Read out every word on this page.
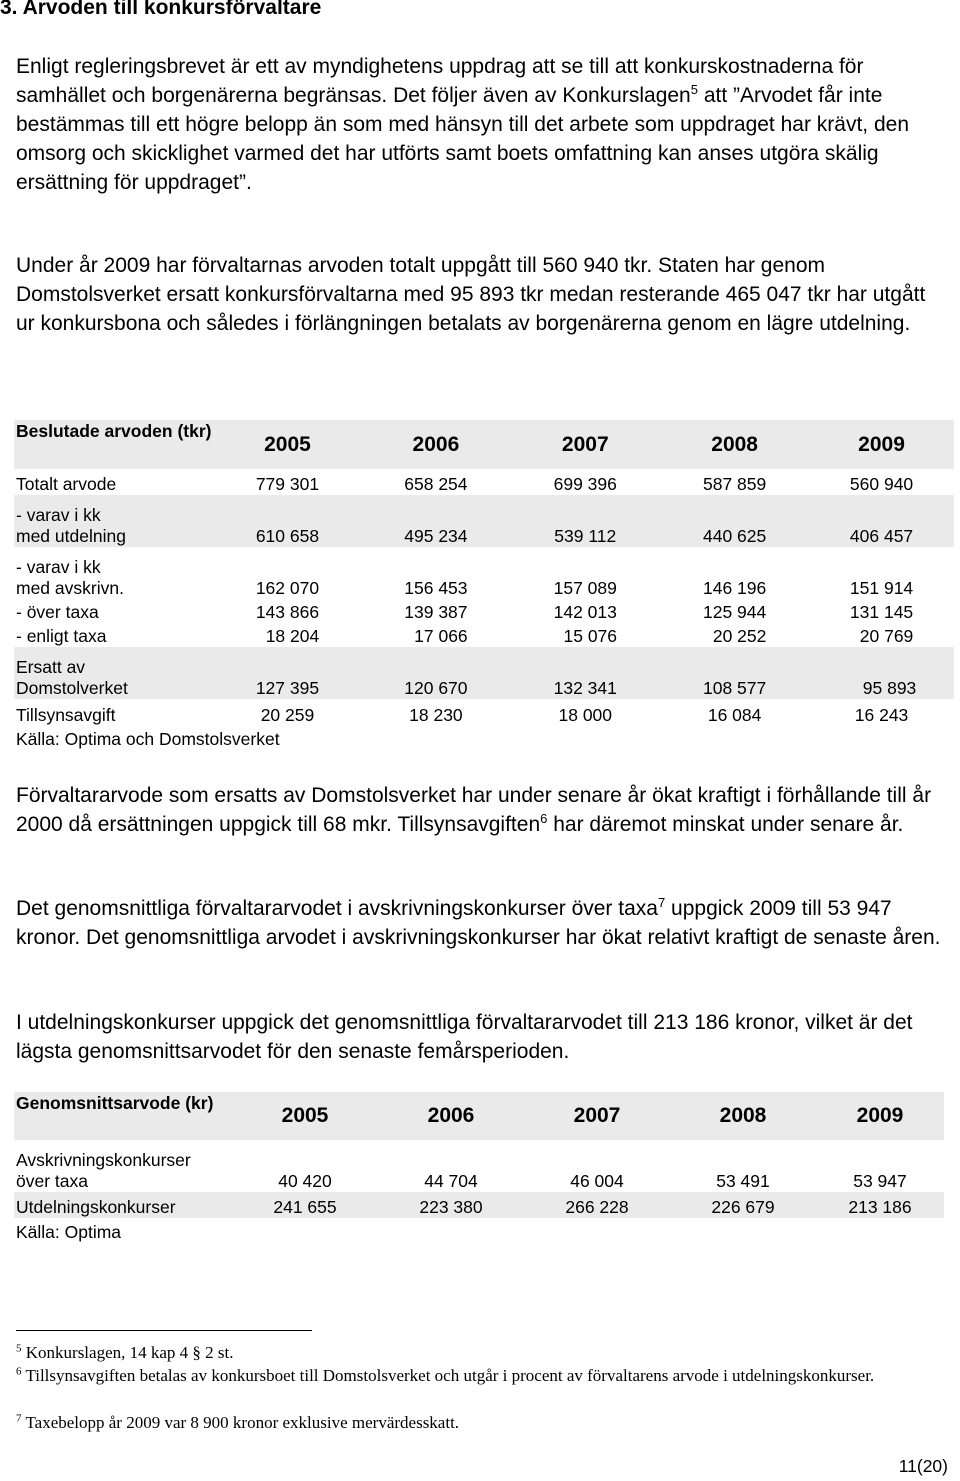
3. Arvoden till konkursförvaltare

Enligt regleringsbrevet är ett av myndighetens uppdrag att se till att konkurskostnaderna för samhället och borgenärerna begränsas. Det följer även av Konkurslagen$^5$ att ”Arvodet får inte bestämmas till ett högre belopp än som med hänsyn till det arbete som uppdraget har krävt, den omsorg och skicklighet varmed det har utförts samt boets omfattning kan anses utgöra skälig ersättning för uppdraget”.

Under år 2009 har förvaltarnas arvoden totalt uppgått till 560 940 tkr. Staten har genom Domstolsverket ersatt konkursförvaltarna med 95 893 tkr medan resterande 465 047 tkr har utgått ur konkursbona och således i förlängningen betalats av borgenärerna genom en lägre utdelning.

Beslutade arvoden (tkr)	2005	2006	2007	2008	2009
Totalt arvode	779 301	658 254	699 396	587 859	560 940

- varav i kk
med utdelning	610 658	495 234	539 112	440 625	406 457

- varav i kk
med avskrivn.	162 070	156 453	157 089	146 196	151 914
- över taxa	143 866	139 387	142 013	125 944	131 145
- enligt taxa	18 204	17 066	15 076	20 252	20 769

Ersatt av
Domstolverket	127 395	120 670	132 341	108 577	95 893
Tillsynsavgift	20 259	18 230	18 000	16 084	16 243
Källa: Optima och Domstolsverket

Förvaltararvode som ersatts av Domstolsverket har under senare år ökat kraftigt i förhållande till år 2000 då ersättningen uppgick till 68 mkr. Tillsynsavgiften$^6$ har däremot minskat under senare år.

Det genomsnittliga förvaltararvodet i avskrivningskonkurser över taxa$^7$ uppgick 2009 till 53 947 kronor. Det genomsnittliga arvodet i avskrivningskonkurser har ökat relativt kraftigt de senaste åren.

I utdelningskonkurser uppgick det genomsnittliga förvaltararvodet till 213 186 kronor, vilket är det lägsta genomsnittsarvodet för den senaste femårsperioden.

Genomsnittsarvode (kr)	2005	2006	2007	2008	2009

Avskrivningskonkurser
över taxa	40 420	44 704	46 004	53 491	53 947
Utdelningskonkurser	241 655	223 380	266 228	226 679	213 186
Källa: Optima

$^5$ Konkurslagen, 14 kap 4 § 2 st.

$^6$ Tillsynsavgiften betalas av konkursboet till Domstolsverket och utgår i procent av förvaltarens arvode i utdelningskonkurser.

$^7$ Taxebelopp år 2009 var 8 900 kronor exklusive mervärdesskatt.

11(20)
